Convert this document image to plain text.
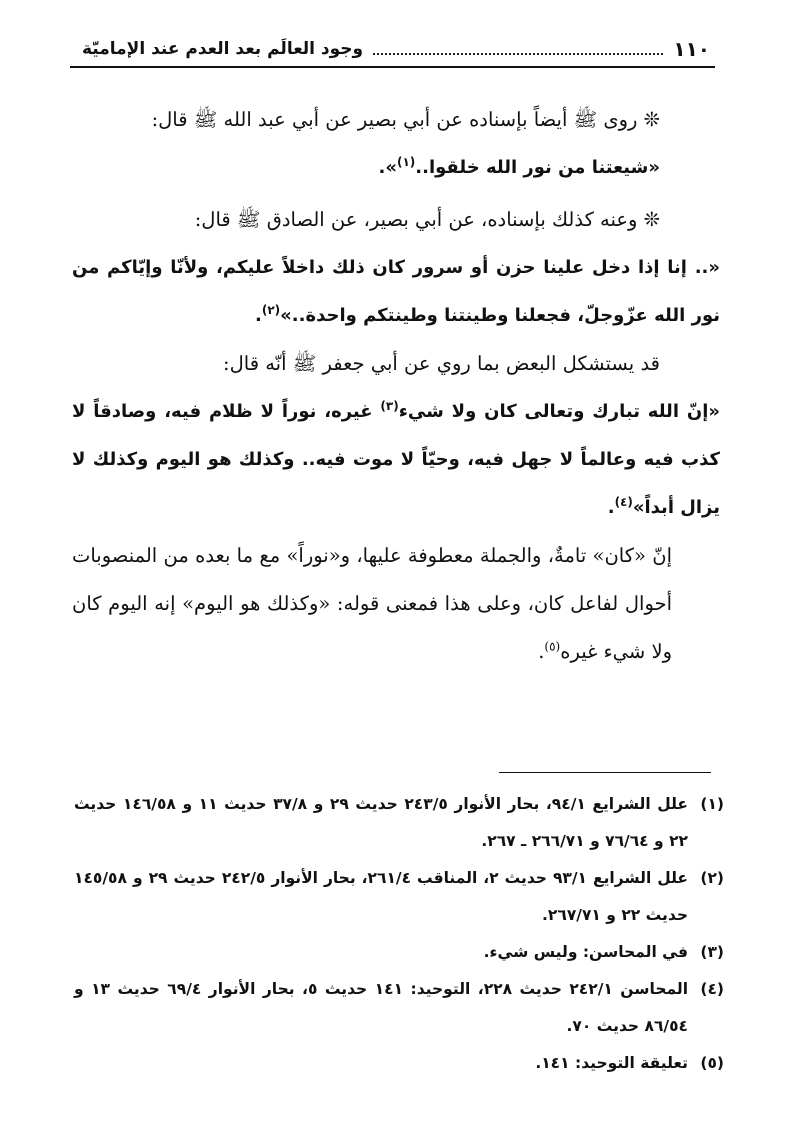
١١٠
وجود العالَم بعد العدم عند الإماميّة
❊ روى ﷺ أيضاً بإسناده عن أبي بصير عن أبي عبد الله ﷺ قال:
«شيعتنا من نور الله خلقوا..$^{(١)}$».
❊ وعنه كذلك بإسناده، عن أبي بصير، عن الصادق ﷺ قال:
«.. إنا إذا دخل علينا حزن أو سرور كان ذلك داخلاً عليكم، ولأنّا وإيّاكم من نور الله عزّوجلّ، فجعلنا وطينتنا وطينتكم واحدة..»$^{(٢)}$.
قد يستشكل البعض بما روي عن أبي جعفر ﷺ أنّه قال:
«إنّ الله تبارك وتعالى كان ولا شيء$^{(٣)}$ غيره، نوراً لا ظلام فيه، وصادقاً لا كذب فيه وعالماً لا جهل فيه، وحيّاً لا موت فيه.. وكذلك هو اليوم وكذلك لا يزال أبداً»$^{(٤)}$.
إنّ «كان» تامةٌ، والجملة معطوفة عليها، و«نوراً» مع ما بعده من المنصوبات أحوال لفاعل كان، وعلى هذا فمعنى قوله: «وكذلك هو اليوم» إنه اليوم كان ولا شيء غيره$^{(٥)}$.
(١)
علل الشرايع ٩٤/١، بحار الأنوار ٢٤٣/٥ حديث ٢٩ و ٣٧/٨ حديث ١١ و ١٤٦/٥٨ حديث ٢٢ و ٧٦/٦٤ و ٢٦٦/٧١ ـ ٢٦٧.
(٢)
علل الشرايع ٩٣/١ حديث ٢، المناقب ٢٦١/٤، بحار الأنوار ٢٤٢/٥ حديث ٢٩ و ١٤٥/٥٨ حديث ٢٢ و ٢٦٧/٧١.
(٣)
في المحاسن: وليس شيء.
(٤)
المحاسن ٢٤٢/١ حديث ٢٢٨، التوحيد: ١٤١ حديث ٥، بحار الأنوار ٦٩/٤ حديث ١٣ و ٨٦/٥٤ حديث ٧٠.
(٥)
تعليقة التوحيد: ١٤١.
